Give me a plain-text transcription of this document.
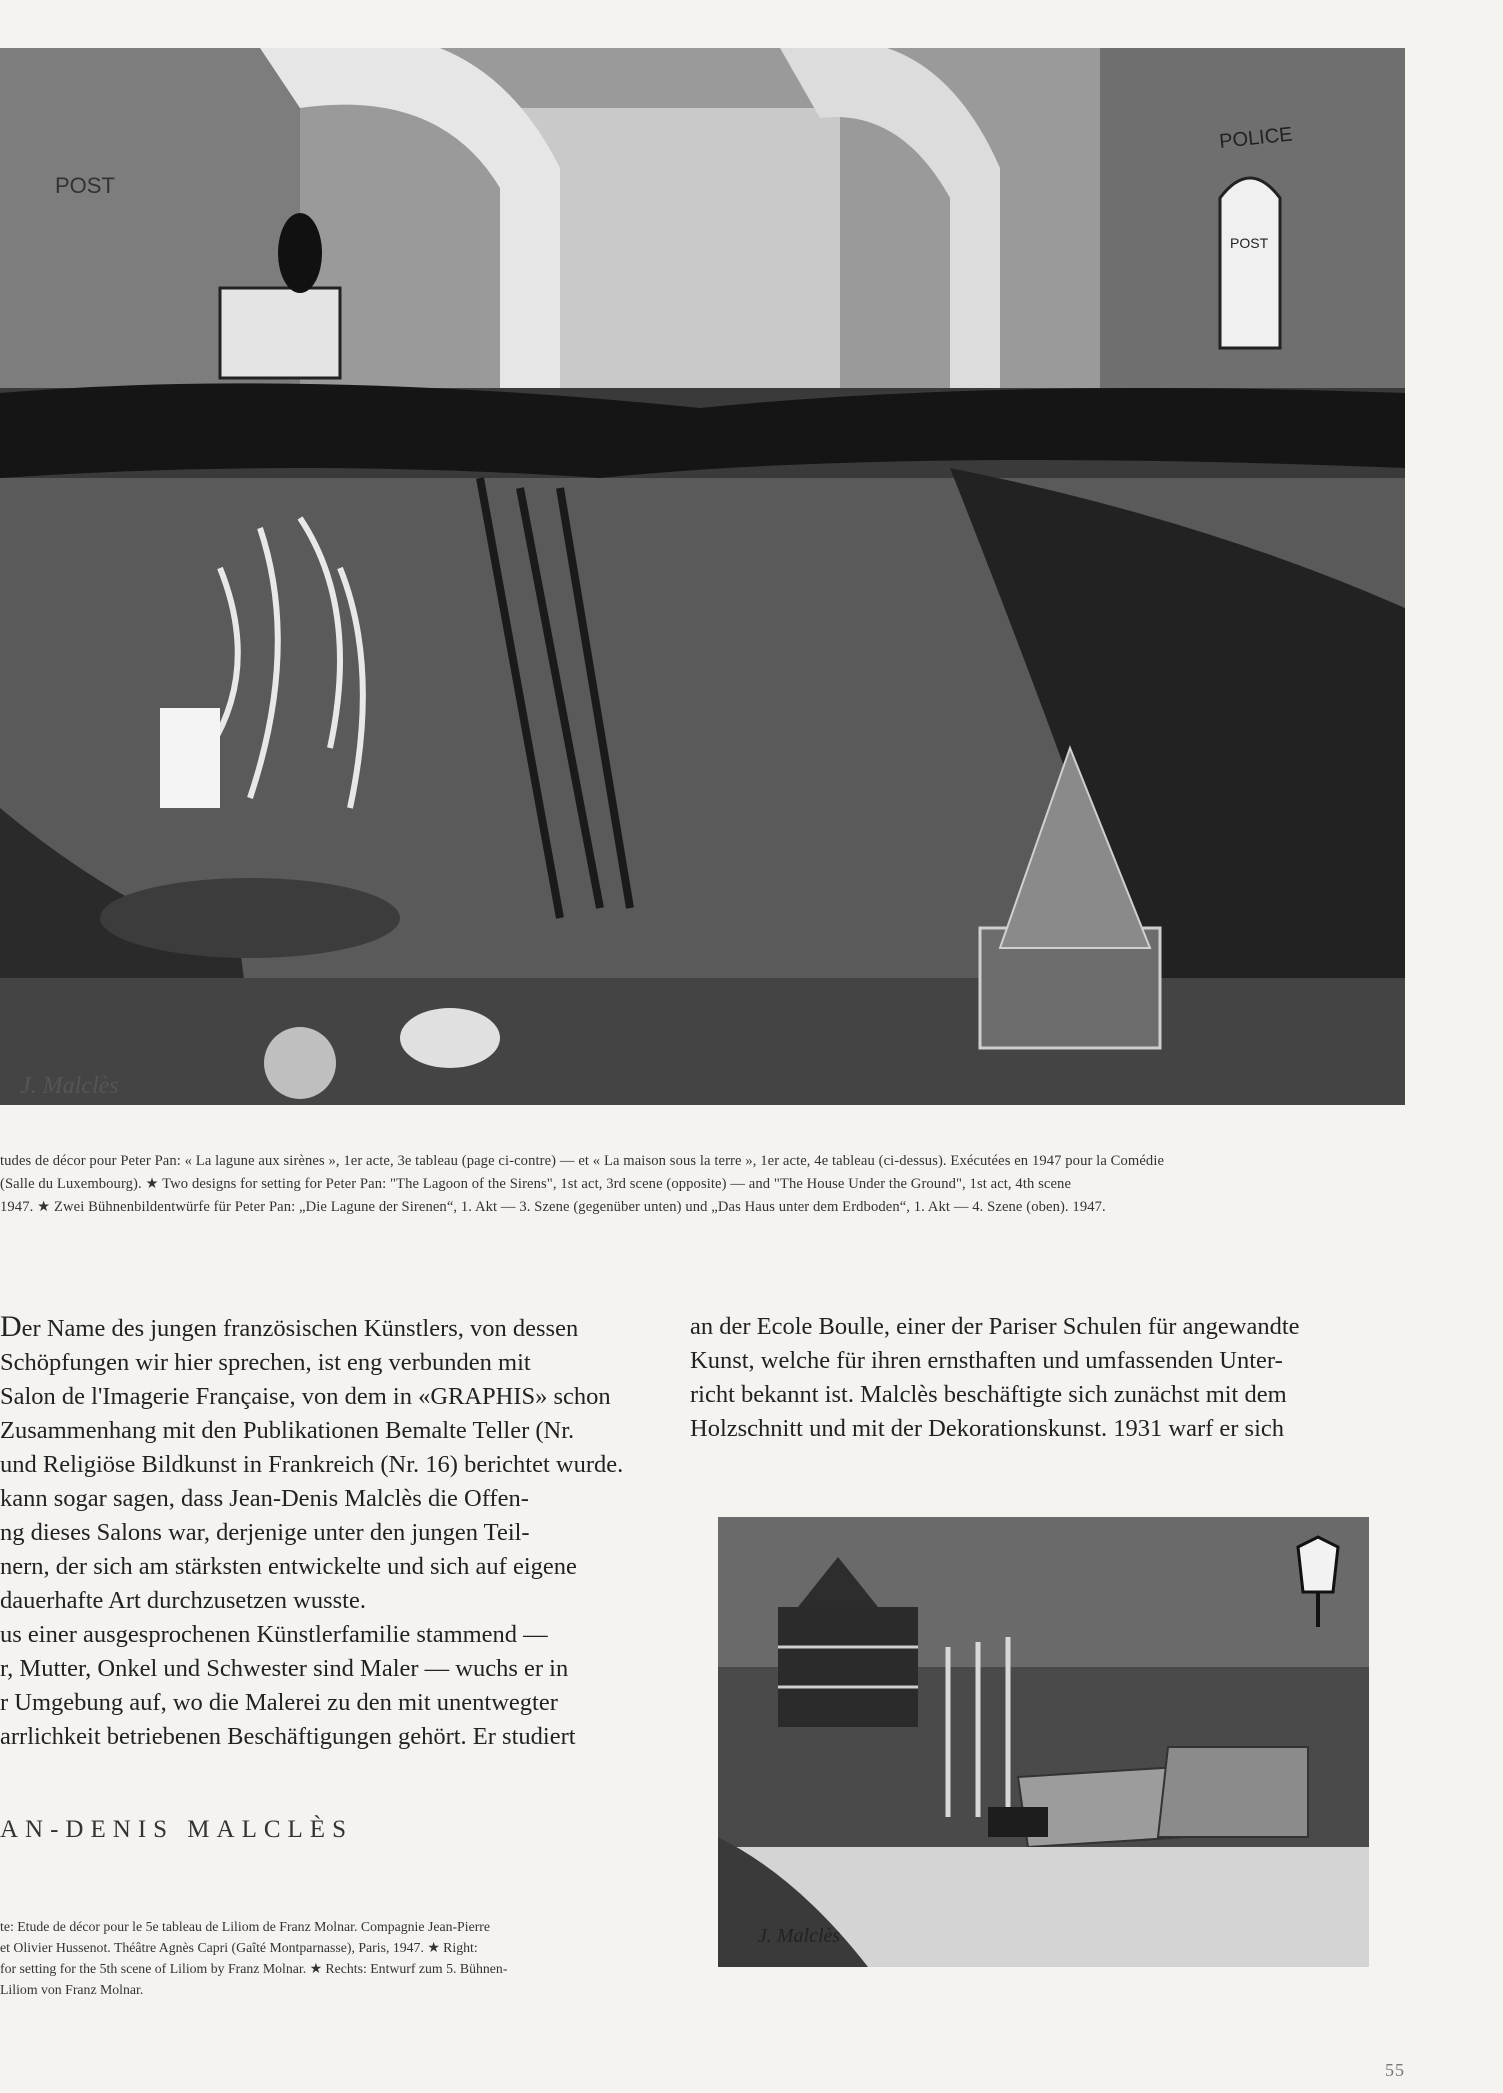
POST
POLICE
POST
J. Malclès
tudes de décor pour Peter Pan: « La lagune aux sirènes », 1er acte, 3e tableau (page ci-contre) — et « La maison sous la terre », 1er acte, 4e tableau (ci-dessus). Exécutées en 1947 pour la Comédie
(Salle du Luxembourg). ★ Two designs for setting for Peter Pan: "The Lagoon of the Sirens", 1st act, 3rd scene (opposite) — and "The House Under the Ground", 1st act, 4th scene
1947. ★ Zwei Bühnenbildentwürfe für Peter Pan: „Die Lagune der Sirenen“, 1. Akt — 3. Szene (gegenüber unten) und „Das Haus unter dem Erdboden“, 1. Akt — 4. Szene (oben). 1947.
Der Name des jungen französischen Künstlers, von dessen
Schöpfungen wir hier sprechen, ist eng verbunden mit
Salon de l'Imagerie Française, von dem in «GRAPHIS» schon
Zusammenhang mit den Publikationen Bemalte Teller (Nr.
und Religiöse Bildkunst in Frankreich (Nr. 16) berichtet wurde.
kann sogar sagen, dass Jean-Denis Malclès die Offen-
ng dieses Salons war, derjenige unter den jungen Teil-
nern, der sich am stärksten entwickelte und sich auf eigene
dauerhafte Art durchzusetzen wusste.
us einer ausgesprochenen Künstlerfamilie stammend —
r, Mutter, Onkel und Schwester sind Maler — wuchs er in
r Umgebung auf, wo die Malerei zu den mit unentwegter
arrlichkeit betriebenen Beschäftigungen gehört. Er studiert
an der Ecole Boulle, einer der Pariser Schulen für angewandte
Kunst, welche für ihren ernsthaften und umfassenden Unter-
richt bekannt ist. Malclès beschäftigte sich zunächst mit dem
Holzschnitt und mit der Dekorationskunst. 1931 warf er sich
J. Malclès
AN-DENIS MALCLÈS
te: Etude de décor pour le 5e tableau de Liliom de Franz Molnar. Compagnie Jean-Pierre
et Olivier Hussenot. Théâtre Agnès Capri (Gaîté Montparnasse), Paris, 1947. ★ Right:
for setting for the 5th scene of Liliom by Franz Molnar. ★ Rechts: Entwurf zum 5. Bühnen-
Liliom von Franz Molnar.
55
